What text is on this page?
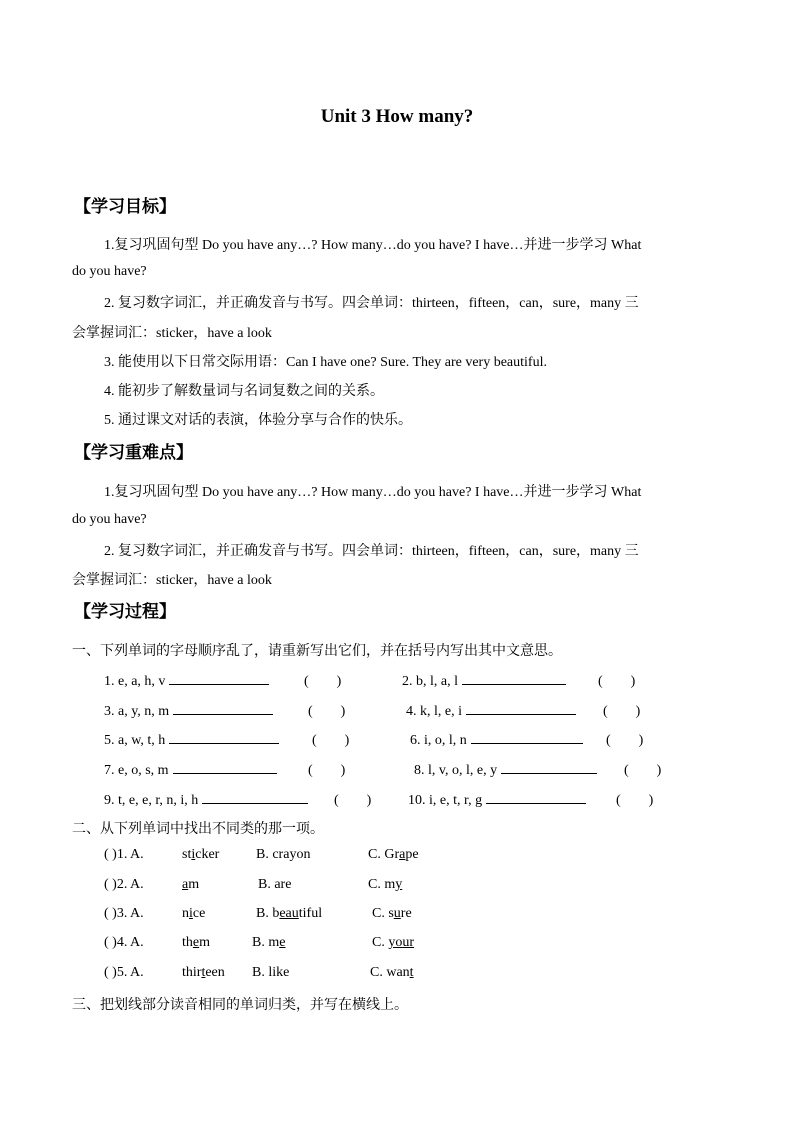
Unit 3 How many?
【学习目标】
1.复习巩固句型 Do you have any…? How many…do you have? I have…并进一步学习 What
do you have?
2. 复习数字词汇，并正确发音与书写。四会单词：thirteen，fifteen，can，sure，many 三
会掌握词汇：sticker，have a look
3. 能使用以下日常交际用语：Can I have one? Sure. They are very beautiful.
4. 能初步了解数量词与名词复数之间的关系。
5. 通过课文对话的表演，体验分享与合作的快乐。
【学习重难点】
1.复习巩固句型 Do you have any…? How many…do you have? I have…并进一步学习 What
do you have?
2. 复习数字词汇，并正确发音与书写。四会单词：thirteen，fifteen，can，sure，many 三
会掌握词汇：sticker，have a look
【学习过程】
一、下列单词的字母顺序乱了，请重新写出它们，并在括号内写出其中文意思。
1. e, a, h, v	(　　)	2. b, l, a, l	(　　)
3. a, y, n, m	(　　)	4. k, l, e, i	(　　)
5. a, w, t, h	(　　)	6. i, o, l, n	(　　)
7. e, o, s, m	(　　)	8. l, v, o, l, e, y	(　　)
9. t, e, e, r, n, i, h	(　　)	10. i, e, t, r, g	(　　)
二、从下列单词中找出不同类的那一项。
( )1. A.	sticker	B. crayon	C. Grape
( )2. A.	am	B. are	C. my
( )3. A.	nice	B. beautiful	C. sure
( )4. A.	them	B. me	C. your
( )5. A.	thirteen B. like	C. want
三、把划线部分读音相同的单词归类，并写在横线上。
